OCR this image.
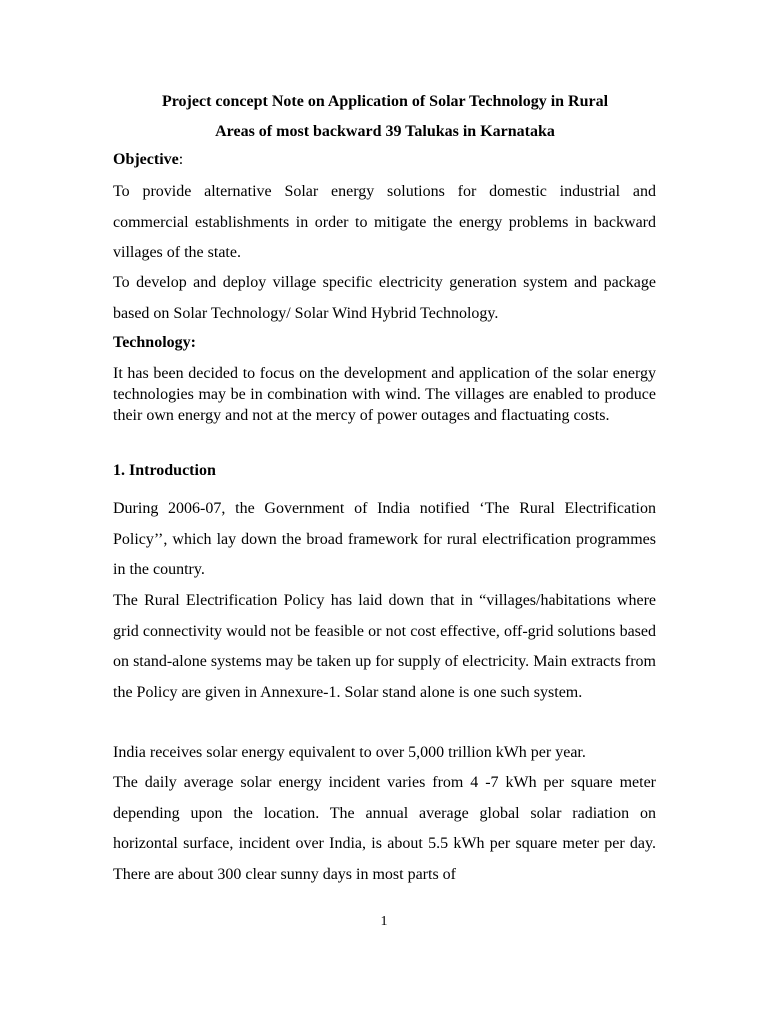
Project concept Note on Application of Solar Technology in Rural

Areas of most backward 39 Talukas in Karnataka

Objective:

To provide alternative Solar energy solutions for domestic industrial and commercial establishments in order to mitigate the energy problems in backward villages of the state.

To develop and deploy village specific electricity generation system and package based on Solar Technology/ Solar Wind Hybrid Technology.

Technology:

It has been decided to focus on the development and application of the solar energy technologies may be in combination with wind. The villages are enabled to produce their own energy and not at the mercy of power outages and flactuating costs.

1. Introduction

During 2006-07, the Government of India notified ‘The Rural Electrification Policy’’, which lay down the broad framework for rural electrification programmes in the country.

The Rural Electrification Policy has laid down that in “villages/habitations where grid connectivity would not be feasible or not cost effective, off-grid solutions based on stand-alone systems may be taken up for supply of electricity. Main extracts from the Policy are given in Annexure-1. Solar stand alone is one such system.

India receives solar energy equivalent to over 5,000 trillion kWh per year.

The daily average solar energy incident varies from 4 -7 kWh per square meter depending upon the location. The annual average global solar radiation on horizontal surface, incident over India, is about 5.5 kWh per square meter per day. There are about 300 clear sunny days in most parts of

1
